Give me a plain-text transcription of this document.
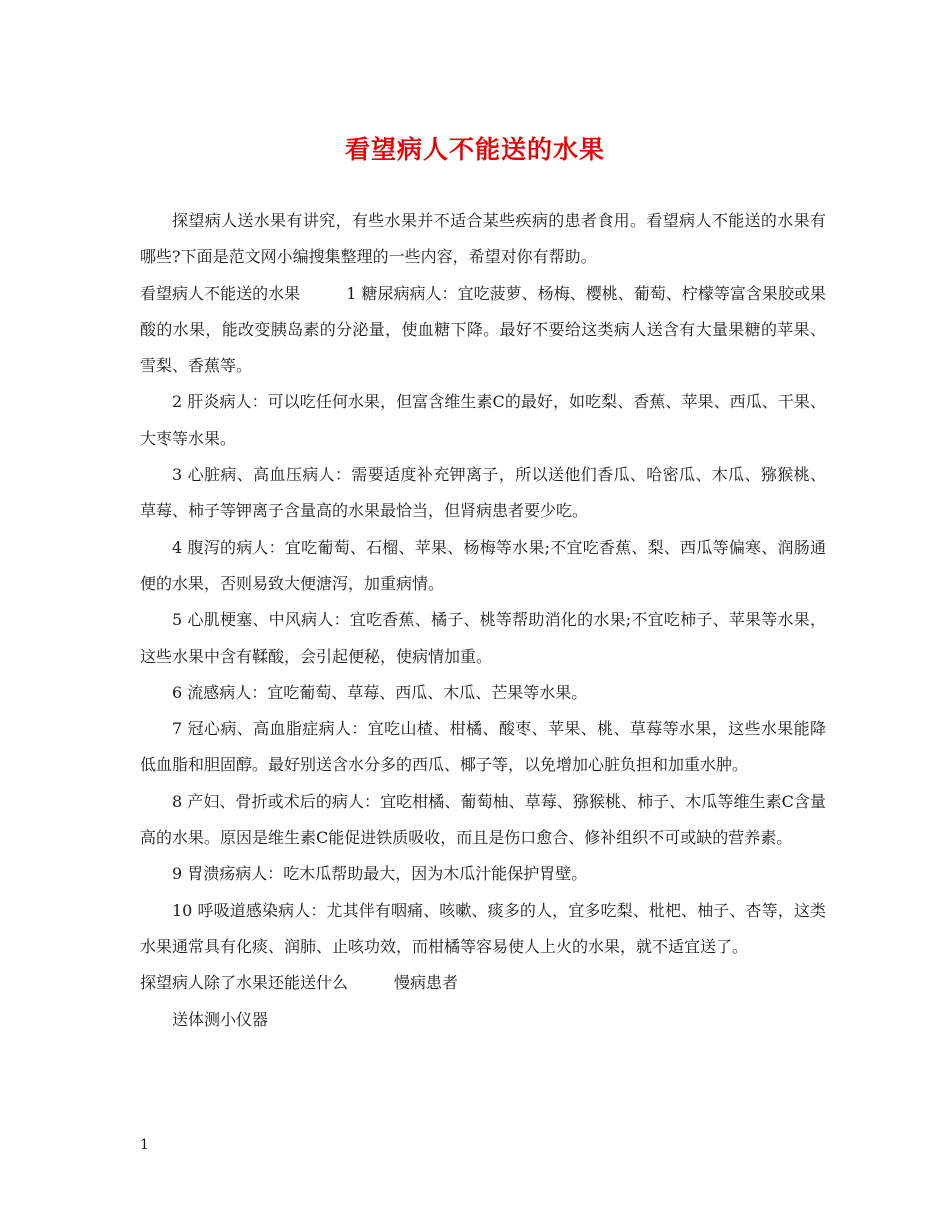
看望病人不能送的水果

探望病人送水果有讲究，有些水果并不适合某些疾病的患者食用。看望病人不能送的水果有哪些?下面是范文网小编搜集整理的一些内容，希望对你有帮助。

看望病人不能送的水果	1 糖尿病病人：宜吃菠萝、杨梅、樱桃、葡萄、柠檬等富含果胶或果酸的水果，能改变胰岛素的分泌量，使血糖下降。最好不要给这类病人送含有大量果糖的苹果、雪梨、香蕉等。

2 肝炎病人：可以吃任何水果，但富含维生素C的最好，如吃梨、香蕉、苹果、西瓜、干果、大枣等水果。

3 心脏病、高血压病人：需要适度补充钾离子，所以送他们香瓜、哈密瓜、木瓜、猕猴桃、草莓、柿子等钾离子含量高的水果最恰当，但肾病患者要少吃。

4 腹泻的病人：宜吃葡萄、石榴、苹果、杨梅等水果;不宜吃香蕉、梨、西瓜等偏寒、润肠通便的水果，否则易致大便溏泻，加重病情。

5 心肌梗塞、中风病人：宜吃香蕉、橘子、桃等帮助消化的水果;不宜吃柿子、苹果等水果，这些水果中含有鞣酸，会引起便秘，使病情加重。

6 流感病人：宜吃葡萄、草莓、西瓜、木瓜、芒果等水果。

7 冠心病、高血脂症病人：宜吃山楂、柑橘、酸枣、苹果、桃、草莓等水果，这些水果能降低血脂和胆固醇。最好别送含水分多的西瓜、椰子等，以免增加心脏负担和加重水肿。

8 产妇、骨折或术后的病人：宜吃柑橘、葡萄柚、草莓、猕猴桃、柿子、木瓜等维生素C含量高的水果。原因是维生素C能促进铁质吸收，而且是伤口愈合、修补组织不可或缺的营养素。

9 胃溃疡病人：吃木瓜帮助最大，因为木瓜汁能保护胃壁。

10 呼吸道感染病人：尤其伴有咽痛、咳嗽、痰多的人，宜多吃梨、枇杷、柚子、杏等，这类水果通常具有化痰、润肺、止咳功效，而柑橘等容易使人上火的水果，就不适宜送了。

探望病人除了水果还能送什么	慢病患者

送体测小仪器

1
